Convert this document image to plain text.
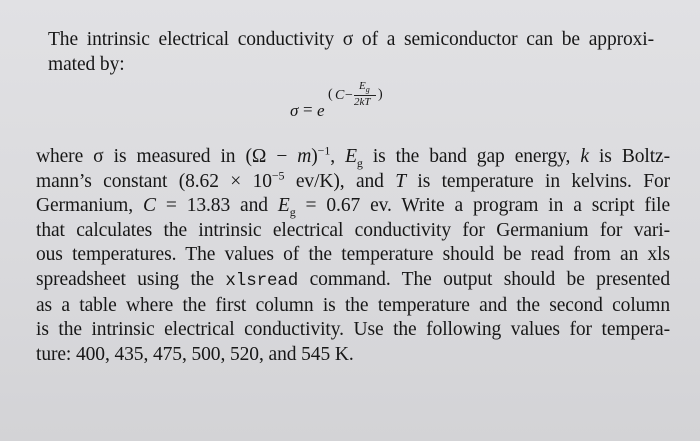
The intrinsic electrical conductivity σ of a semiconductor can be approxi-
mated by:

σ = e
( C −
$E_g$
2kT )

where σ is measured in $(\Omega - m)^{-1}$, $E_g$ is the band gap energy, k is Boltz-
mann’s constant ($8.62 \times 10^{-5}$ ev/K), and T is temperature in kelvins. For
Germanium, C = 13.83 and $E_g = 0.67$ ev. Write a program in a script file
that calculates the intrinsic electrical conductivity for Germanium for vari-
ous temperatures. The values of the temperature should be read from an xls
spreadsheet using the xlsread command. The output should be presented
as a table where the first column is the temperature and the second column
is the intrinsic electrical conductivity. Use the following values for tempera-
ture: 400, 435, 475, 500, 520, and 545 K.
